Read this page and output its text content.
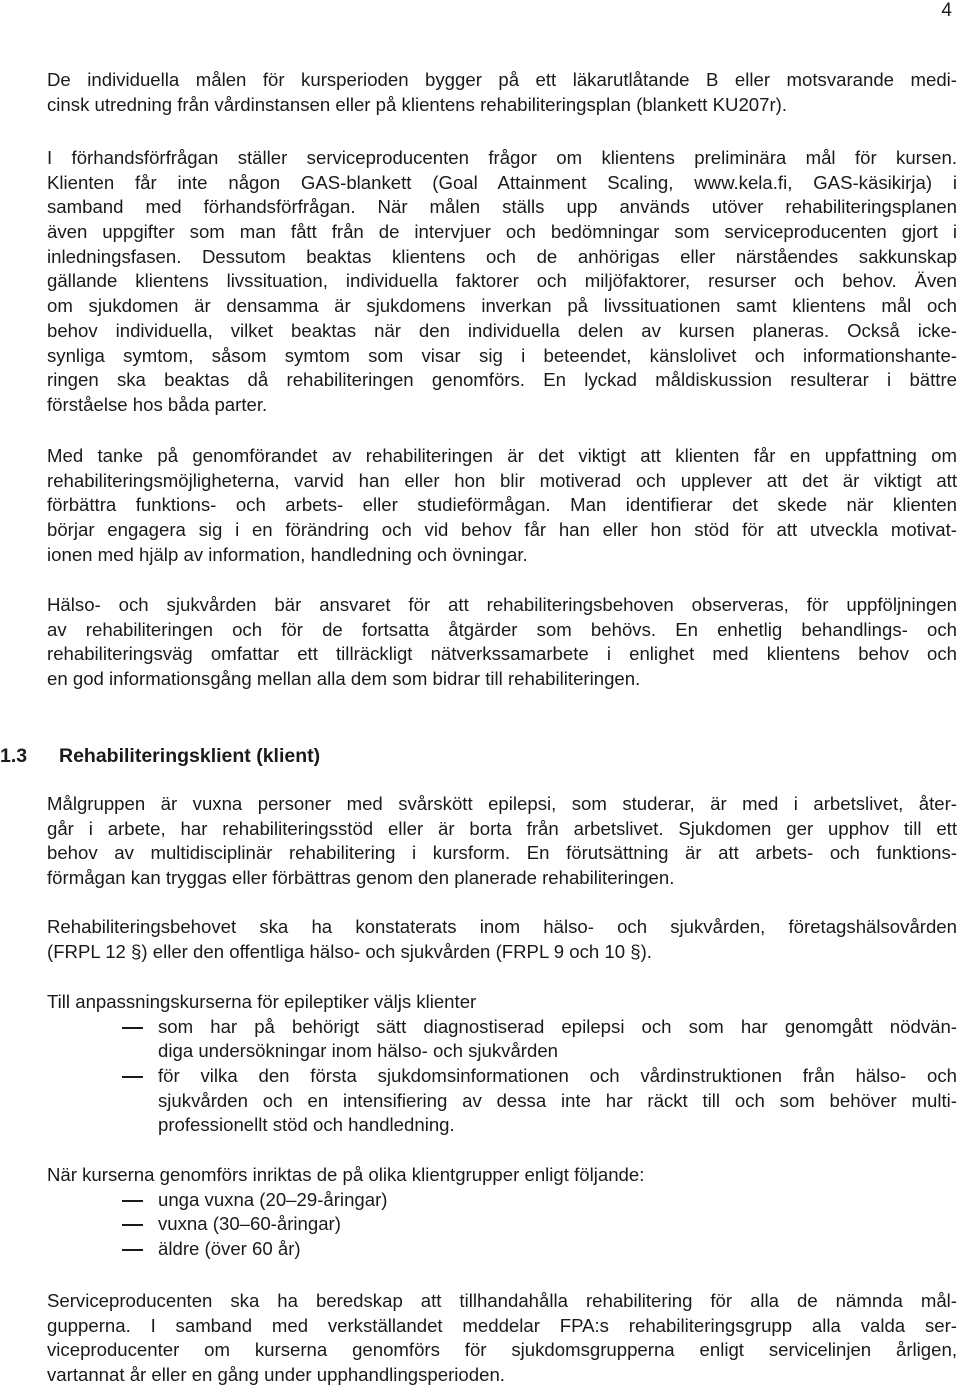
4
De individuella målen för kursperioden bygger på ett läkarutlåtande B eller motsvarande medi-
cinsk utredning från vårdinstansen eller på klientens rehabiliteringsplan (blankett KU207r).
I förhandsförfrågan ställer serviceproducenten frågor om klientens preliminära mål för kursen.
Klienten får inte någon GAS-blankett (Goal Attainment Scaling, www.kela.fi, GAS-käsikirja) i
samband med förhandsförfrågan. När målen ställs upp används utöver rehabiliteringsplanen
även uppgifter som man fått från de intervjuer och bedömningar som serviceproducenten gjort i
inledningsfasen. Dessutom beaktas klientens och de anhörigas eller närståendes sakkunskap
gällande klientens livssituation, individuella faktorer och miljöfaktorer, resurser och behov. Även
om sjukdomen är densamma är sjukdomens inverkan på livssituationen samt klientens mål och
behov individuella, vilket beaktas när den individuella delen av kursen planeras. Också icke-
synliga symtom, såsom symtom som visar sig i beteendet, känslolivet och informationshante-
ringen ska beaktas då rehabiliteringen genomförs. En lyckad måldiskussion resulterar i bättre
förståelse hos båda parter.
Med tanke på genomförandet av rehabiliteringen är det viktigt att klienten får en uppfattning om
rehabiliteringsmöjligheterna, varvid han eller hon blir motiverad och upplever att det är viktigt att
förbättra funktions- och arbets- eller studieförmågan. Man identifierar det skede när klienten
börjar engagera sig i en förändring och vid behov får han eller hon stöd för att utveckla motivat-
ionen med hjälp av information, handledning och övningar.
Hälso- och sjukvården bär ansvaret för att rehabiliteringsbehoven observeras, för uppföljningen
av rehabiliteringen och för de fortsatta åtgärder som behövs. En enhetlig behandlings- och
rehabiliteringsväg omfattar ett tillräckligt nätverkssamarbete i enlighet med klientens behov och
en god informationsgång mellan alla dem som bidrar till rehabiliteringen.
1.3 Rehabiliteringsklient (klient)
Målgruppen är vuxna personer med svårskött epilepsi, som studerar, är med i arbetslivet, åter-
går i arbete, har rehabiliteringsstöd eller är borta från arbetslivet. Sjukdomen ger upphov till ett
behov av multidisciplinär rehabilitering i kursform. En förutsättning är att arbets- och funktions-
förmågan kan tryggas eller förbättras genom den planerade rehabiliteringen.
Rehabiliteringsbehovet ska ha konstaterats inom hälso- och sjukvården, företagshälsovården
(FRPL 12 §) eller den offentliga hälso- och sjukvården (FRPL 9 och 10 §).
Till anpassningskurserna för epileptiker väljs klienter
som har på behörigt sätt diagnostiserad epilepsi och som har genomgått nödvän-
diga undersökningar inom hälso- och sjukvården
för vilka den första sjukdomsinformationen och vårdinstruktionen från hälso- och
sjukvården och en intensifiering av dessa inte har räckt till och som behöver multi-
professionellt stöd och handledning.
När kurserna genomförs inriktas de på olika klientgrupper enligt följande:
unga vuxna (20–29-åringar)
vuxna (30–60-åringar)
äldre (över 60 år)
Serviceproducenten ska ha beredskap att tillhandahålla rehabilitering för alla de nämnda mål-
gupperna. I samband med verkställandet meddelar FPA:s rehabiliteringsgrupp alla valda ser-
viceproducenter om kurserna genomförs för sjukdomsgrupperna enligt servicelinjen årligen,
vartannat år eller en gång under upphandlingsperioden.
